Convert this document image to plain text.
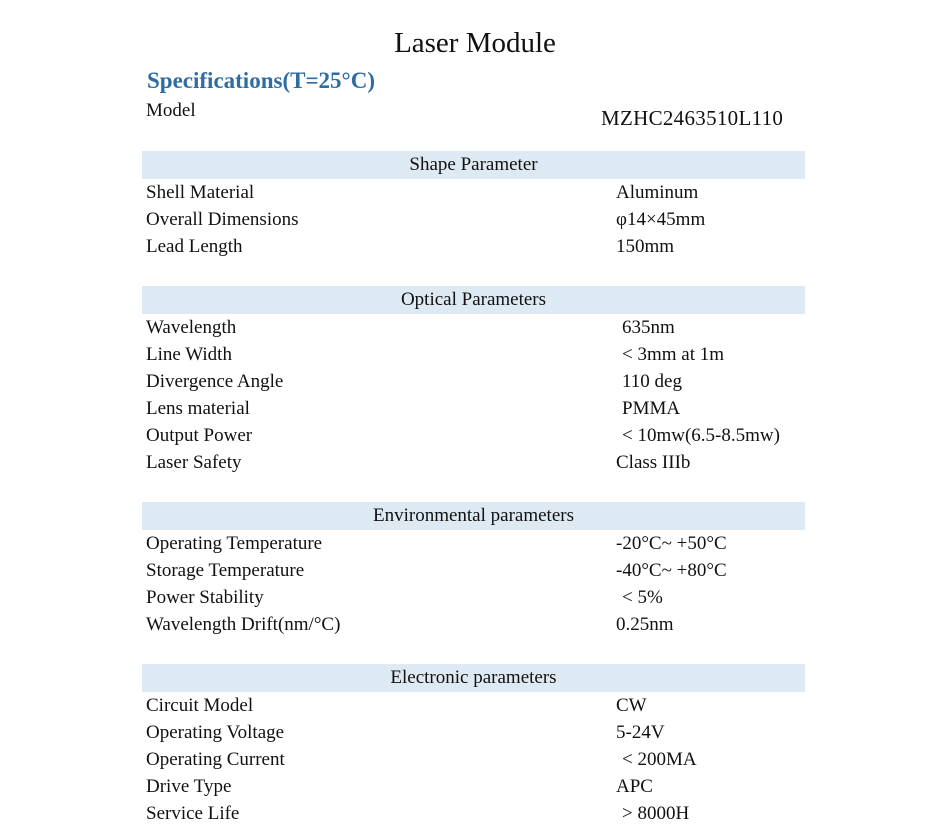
Laser Module
Specifications(T=25°C)
Model	MZHC2463510L110
Shape Parameter
Shell Material	Aluminum
Overall Dimensions	φ14×45mm
Lead Length	150mm
Optical Parameters
Wavelength	635nm
Line Width	< 3mm at 1m
Divergence Angle	110 deg
Lens material	PMMA
Output Power	< 10mw(6.5-8.5mw)
Laser Safety	Class IIIb
Environmental parameters
Operating Temperature	-20°C~ +50°C
Storage Temperature	-40°C~ +80°C
Power Stability	< 5%
Wavelength Drift(nm/°C)	0.25nm
Electronic parameters
Circuit Model	CW
Operating Voltage	5-24V
Operating Current	< 200MA
Drive Type	APC
Service Life	> 8000H
